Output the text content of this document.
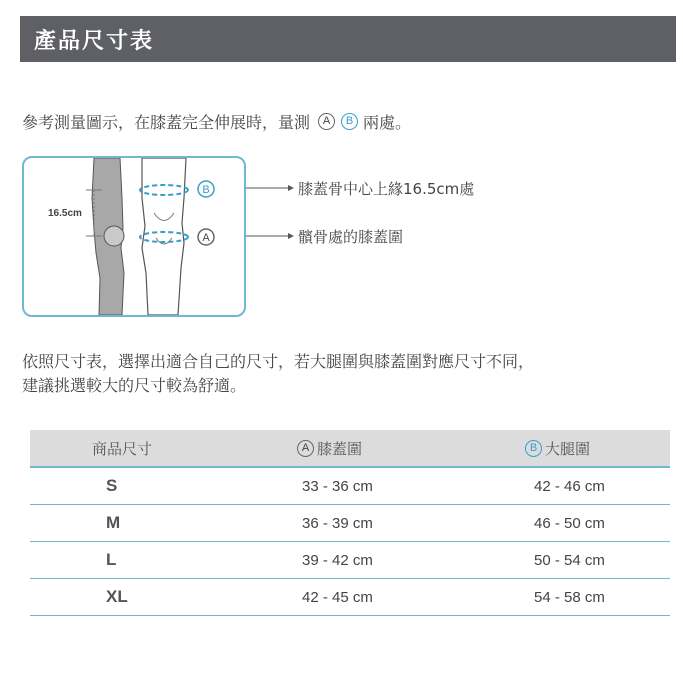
產品尺寸表
參考測量圖示，在膝蓋完全伸展時，量測	A	B 兩處。
16.5cm
B
A
膝蓋骨中心上緣16.5cm處
髕骨處的膝蓋圍
依照尺寸表，選擇出適合自己的尺寸，若大腿圍與膝蓋圍對應尺寸不同，
建議挑選較大的尺寸較為舒適。
商品尺寸	A 膝蓋圍	B 大腿圍
S	33 - 36 cm	42 - 46 cm
M	36 - 39 cm	46 - 50 cm
L	39 - 42 cm	50 - 54 cm
XL	42 - 45 cm	54 - 58 cm
